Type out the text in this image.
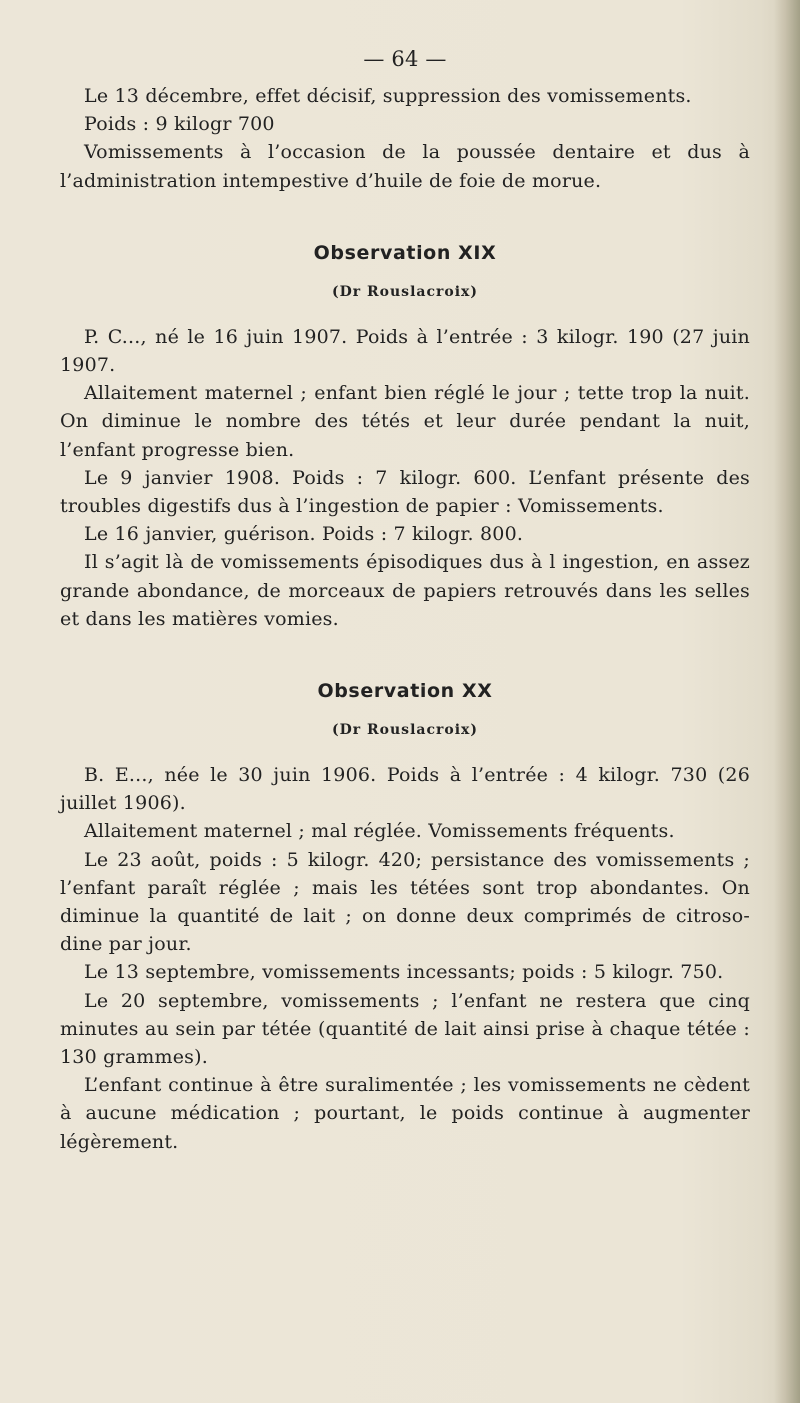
— 64 —

Le 13 décembre, effet décisif, suppression des vomissements.

Poids : 9 kilogr 700

Vomissements à l’occasion de la poussée dentaire et dus à l’administration intempestive d’huile de foie de morue.

Observation XIX
(Dr Rouslacroix)

P. C..., né le 16 juin 1907. Poids à l’entrée : 3 kilogr. 190 (27 juin 1907.

Allaitement maternel ; enfant bien réglé le jour ; tette trop la nuit. On diminue le nombre des tétés et leur durée pendant la nuit, l’enfant progresse bien.

Le 9 janvier 1908. Poids : 7 kilogr. 600. L’enfant présente des troubles digestifs dus à l’ingestion de papier : Vomissements.

Le 16 janvier, guérison. Poids : 7 kilogr. 800.

Il s’agit là de vomissements épisodiques dus à l ingestion, en assez grande abondance, de morceaux de papiers retrouvés dans les selles et dans les matières vomies.

Observation XX
(Dr Rouslacroix)

B. E..., née le 30 juin 1906. Poids à l’entrée : 4 kilogr. 730 (26 juillet 1906).

Allaitement maternel ; mal réglée. Vomissements fréquents.

Le 23 août, poids : 5 kilogr. 420; persistance des vomissements ; l’enfant paraît réglée ; mais les tétées sont trop abondantes. On diminue la quantité de lait ; on donne deux comprimés de citroso-dine par jour.

Le 13 septembre, vomissements incessants; poids : 5 kilogr. 750.

Le 20 septembre, vomissements ; l’enfant ne restera que cinq minutes au sein par tétée (quantité de lait ainsi prise à chaque tétée : 130 grammes).

L’enfant continue à être suralimentée ; les vomissements ne cèdent à aucune médication ; pourtant, le poids continue à augmenter légèrement.
